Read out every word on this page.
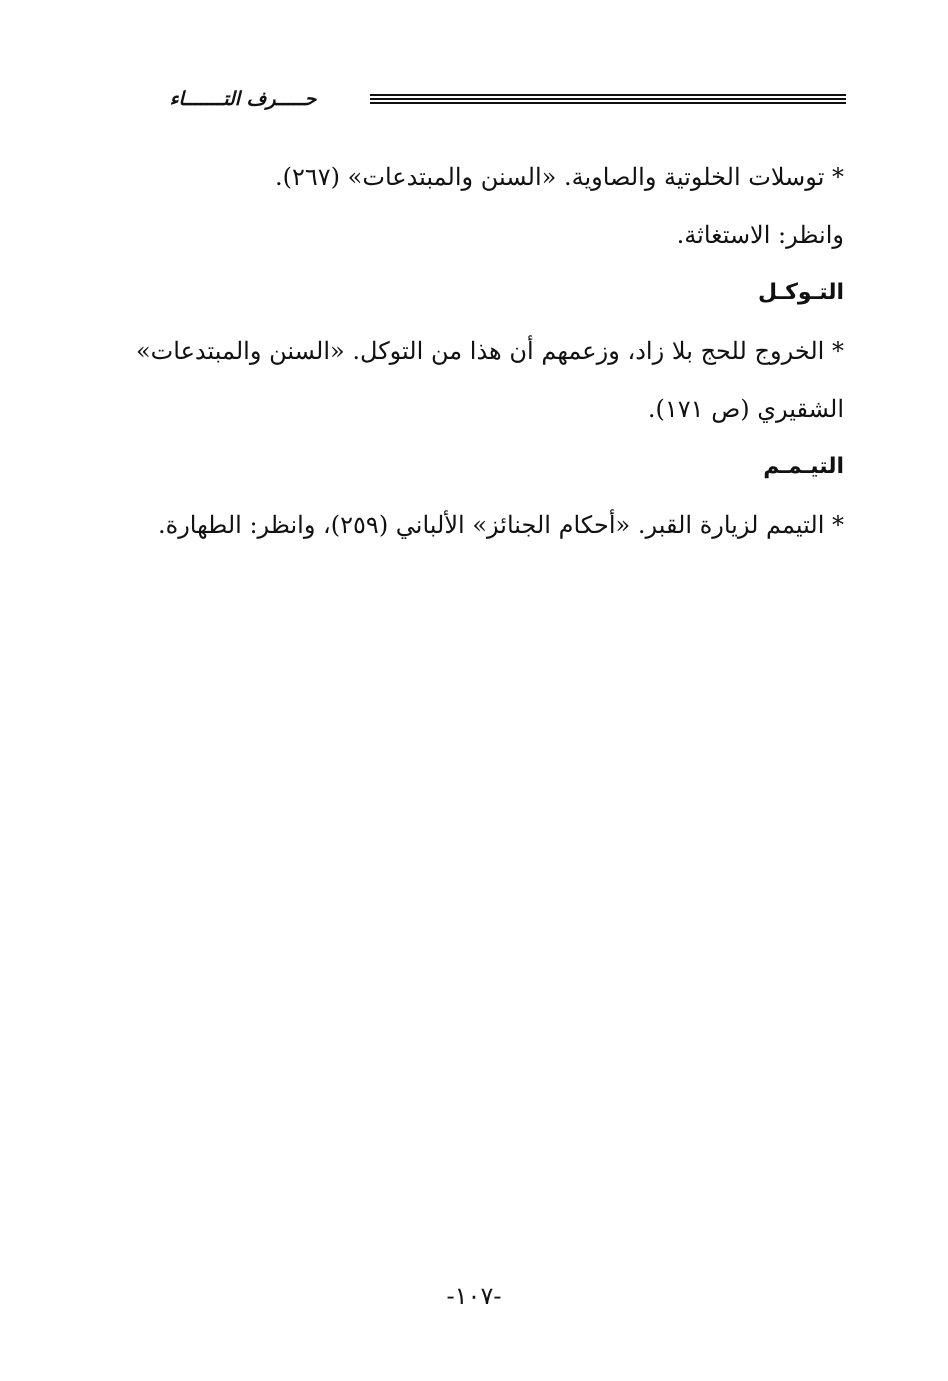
حـــــرف التـــــــاء

* توسلات الخلوتية والصاوية. «السنن والمبتدعات» (٢٦٧).

وانظر: الاستغاثة.

التـوكـل

* الخروج للحج بلا زاد، وزعمهم أن هذا من التوكل. «السنن والمبتدعات» الشقيري (ص ١٧١).

التيـمـم

* التيمم لزيارة القبر. «أحكام الجنائز» الألباني (٢٥٩)، وانظر: الطهارة.

-١٠٧-
